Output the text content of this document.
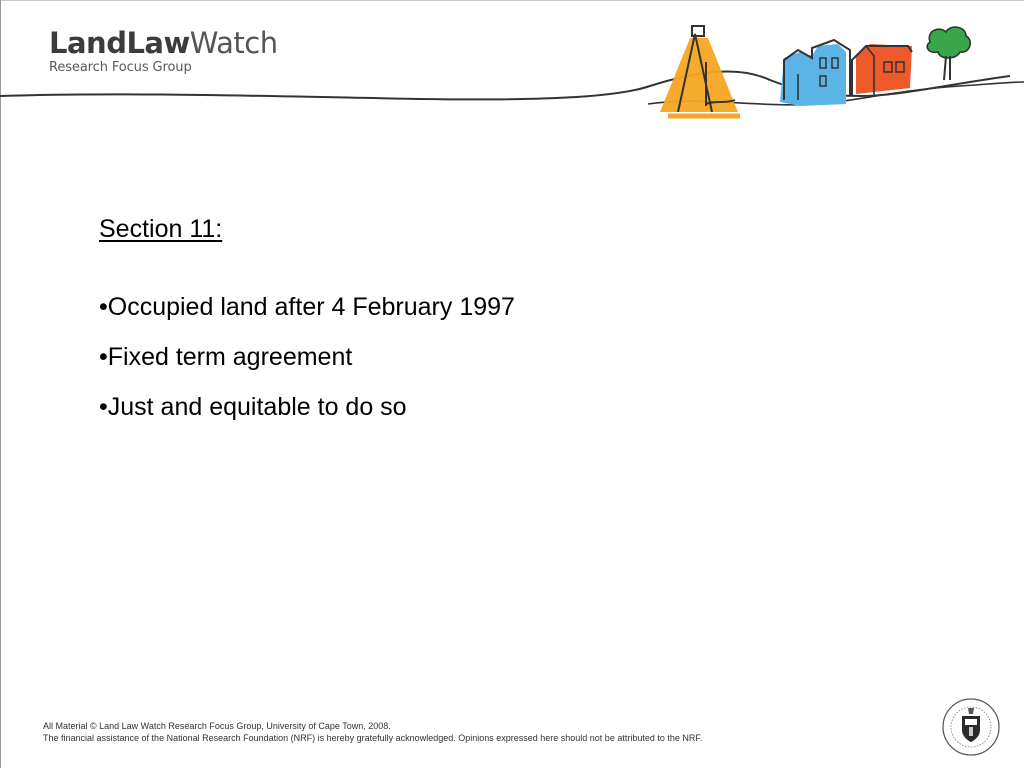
LandLawWatch
Research Focus Group
Section 11:
•Occupied land after 4 February 1997
•Fixed term agreement
•Just and equitable to do so
All Material © Land Law Watch Research Focus Group, University of Cape Town, 2008.
The financial assistance of the National Research Foundation (NRF) is hereby gratefully acknowledged. Opinions expressed here should not be attributed to the NRF.
